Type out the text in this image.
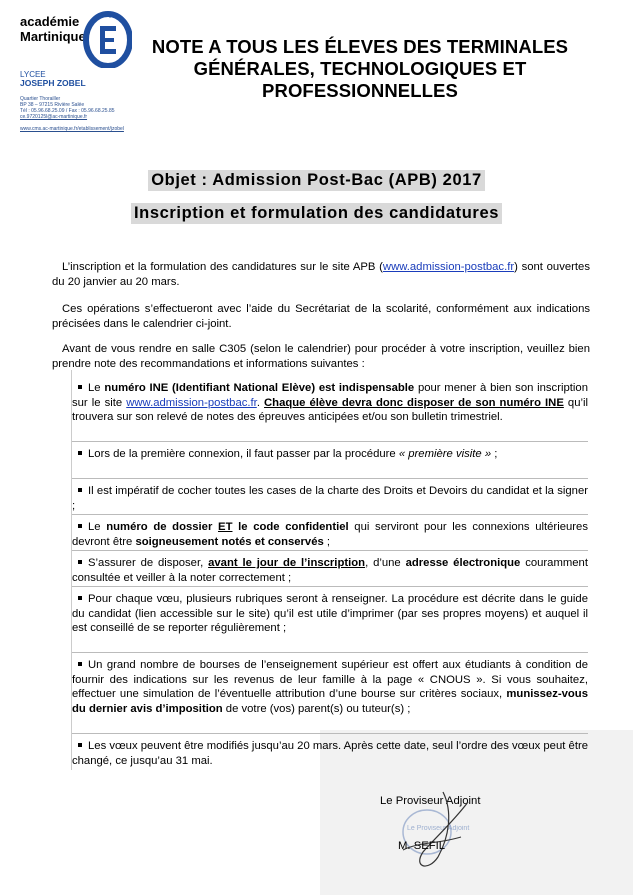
académie
Martinique
LYCEE
JOSEPH ZOBEL
Quartier Thorailler
BP 38 – 97215 Rivière Salée
Tél : 05.96.68.25.09 / Fax : 05.96.68.25.85
ce.9720125l@ac-martinique.fr
www.cms.ac-martinique.fr/etablissement/jzobel
NOTE A TOUS LES ÉLEVES DES TERMINALES GÉNÉRALES, TECHNOLOGIQUES ET PROFESSIONNELLES
Objet : Admission Post-Bac (APB) 2017
Inscription et formulation des candidatures
L’inscription et la formulation des candidatures sur le site APB (www.admission-postbac.fr) sont ouvertes du 20 janvier au 20 mars.
Ces opérations s’effectueront avec l’aide du Secrétariat de la scolarité, conformément aux indications précisées dans le calendrier ci-joint.
Avant de vous rendre en salle C305 (selon le calendrier) pour procéder à votre inscription, veuillez bien prendre note des recommandations et informations suivantes :
Le numéro INE (Identifiant National Elève) est indispensable pour mener à bien son inscription sur le site www.admission-postbac.fr. Chaque élève devra donc disposer de son numéro INE qu’il trouvera sur son relevé de notes des épreuves anticipées et/ou son bulletin trimestriel.
Lors de la première connexion, il faut passer par la procédure « première visite » ;
Il est impératif de cocher toutes les cases de la charte des Droits et Devoirs du candidat et la signer ;
Le numéro de dossier ET le code confidentiel qui serviront pour les connexions ultérieures devront être soigneusement notés et conservés ;
S’assurer de disposer, avant le jour de l’inscription, d’une adresse électronique couramment consultée et veiller à la noter correctement ;
Pour chaque vœu, plusieurs rubriques seront à renseigner. La procédure est décrite dans le guide du candidat (lien accessible sur le site) qu’il est utile d’imprimer (par ses propres moyens) et auquel il est conseillé de se reporter régulièrement ;
Un grand nombre de bourses de l’enseignement supérieur est offert aux étudiants à condition de fournir des indications sur les revenus de leur famille à la page « CNOUS ». Si vous souhaitez, effectuer une simulation de l’éventuelle attribution d’une bourse sur critères sociaux, munissez-vous du dernier avis d’imposition de votre (vos) parent(s) ou tuteur(s) ;
Les vœux peuvent être modifiés jusqu’au 20 mars. Après cette date, seul l’ordre des vœux peut être changé, ce jusqu’au 31 mai.
Le Proviseur Adjoint
Le Proviseur Adjoint
M. SEFIL
